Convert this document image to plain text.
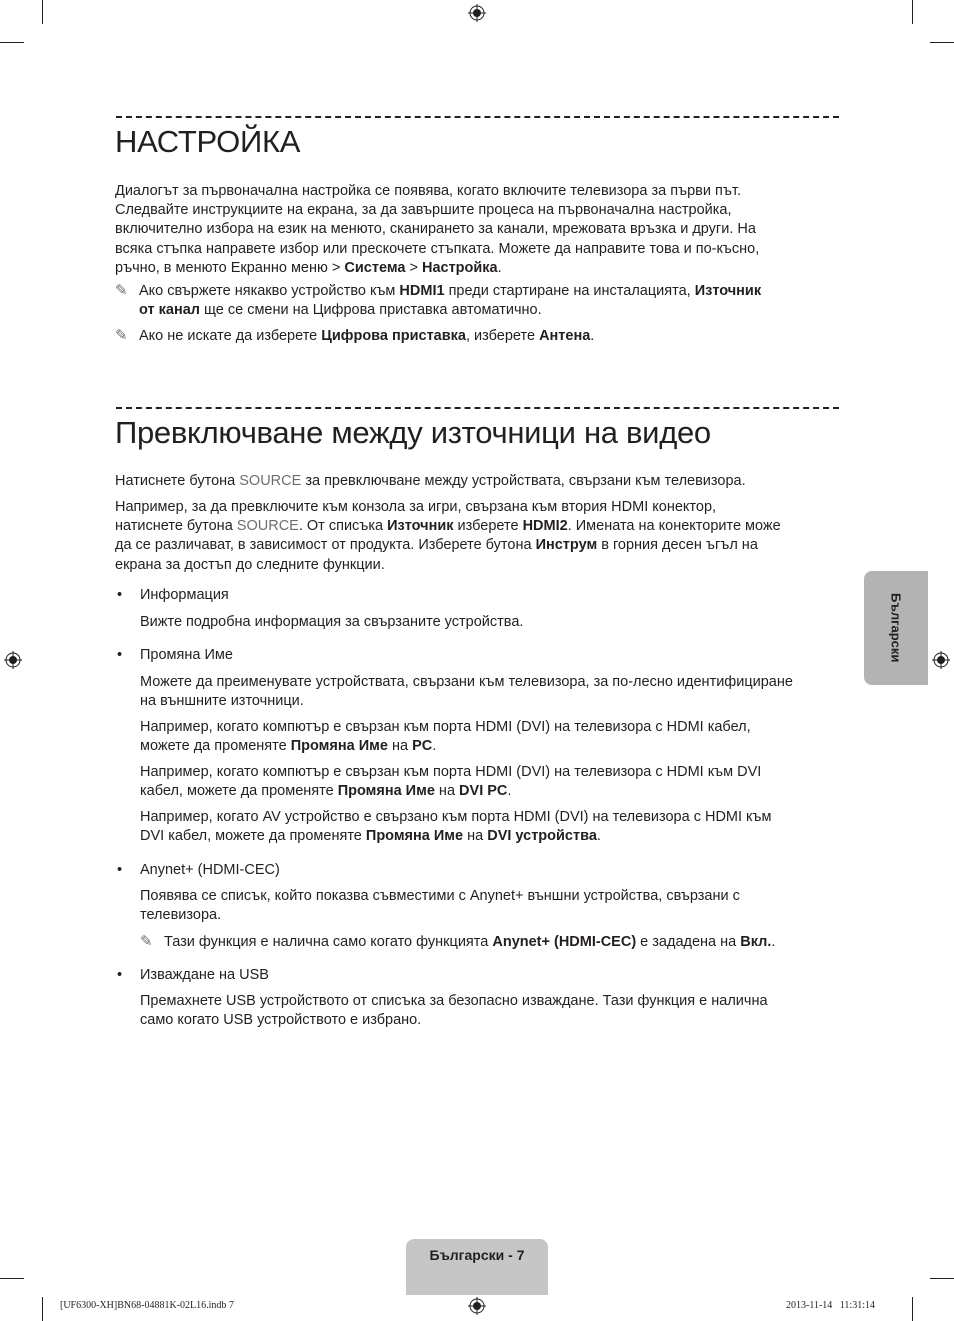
НАСТРОЙКА
Диалогът за първоначална настройка се появява, когато включите телевизора за първи път.
Следвайте инструкциите на екрана, за да завършите процеса на първоначална настройка,
включително избора на език на менюто, сканирането за канали, мрежовата връзка и други. На
всяка стъпка направете избор или прескочете стъпката. Можете да направите това и по-късно,
ръчно, в менюто Екранно меню > Система > Настройка.
✎ Ако свържете някакво устройство към HDMI1 преди стартиране на инсталацията, Източник
от канал ще се смени на Цифрова приставка автоматично.
✎ Ако не искате да изберете Цифрова приставка, изберете Антена.
Превключване между източници на видео
Натиснете бутона SOURCE за превключване между устройствата, свързани към телевизора.
Например, за да превключите към конзола за игри, свързана към втория HDMI конектор,
натиснете бутона SOURCE. От списъка Източник изберете HDMI2. Имената на конекторите може
да се различават, в зависимост от продукта. Изберете бутона Инструм в горния десен ъгъл на
екрана за достъп до следните функции.
• Информация
Вижте подробна информация за свързаните устройства.
• Промяна Име
Можете да преименувате устройствата, свързани към телевизора, за по-лесно идентифициране
на външните източници.
Например, когато компютър е свързан към порта HDMI (DVI) на телевизора с HDMI кабел,
можете да променяте Промяна Име на PC.
Например, когато компютър е свързан към порта HDMI (DVI) на телевизора с HDMI към DVI
кабел, можете да променяте Промяна Име на DVI PC.
Например, когато AV устройство е свързано към порта HDMI (DVI) на телевизора с HDMI към
DVI кабел, можете да променяте Промяна Име на DVI устройства.
• Anynet+ (HDMI-CEC)
Появява се списък, който показва съвместими с Anynet+ външни устройства, свързани с
телевизора.
✎ Тази функция е налична само когато функцията Anynet+ (HDMI-CEC) е зададена на Вкл..
• Изваждане на USB
Премахнете USB устройството от списъка за безопасно изваждане. Тази функция е налична
само когато USB устройството е избрано.
Български
Български - 7
[UF6300-XH]BN68-04881K-02L16.indb 7	2013-11-14   11:31:14
